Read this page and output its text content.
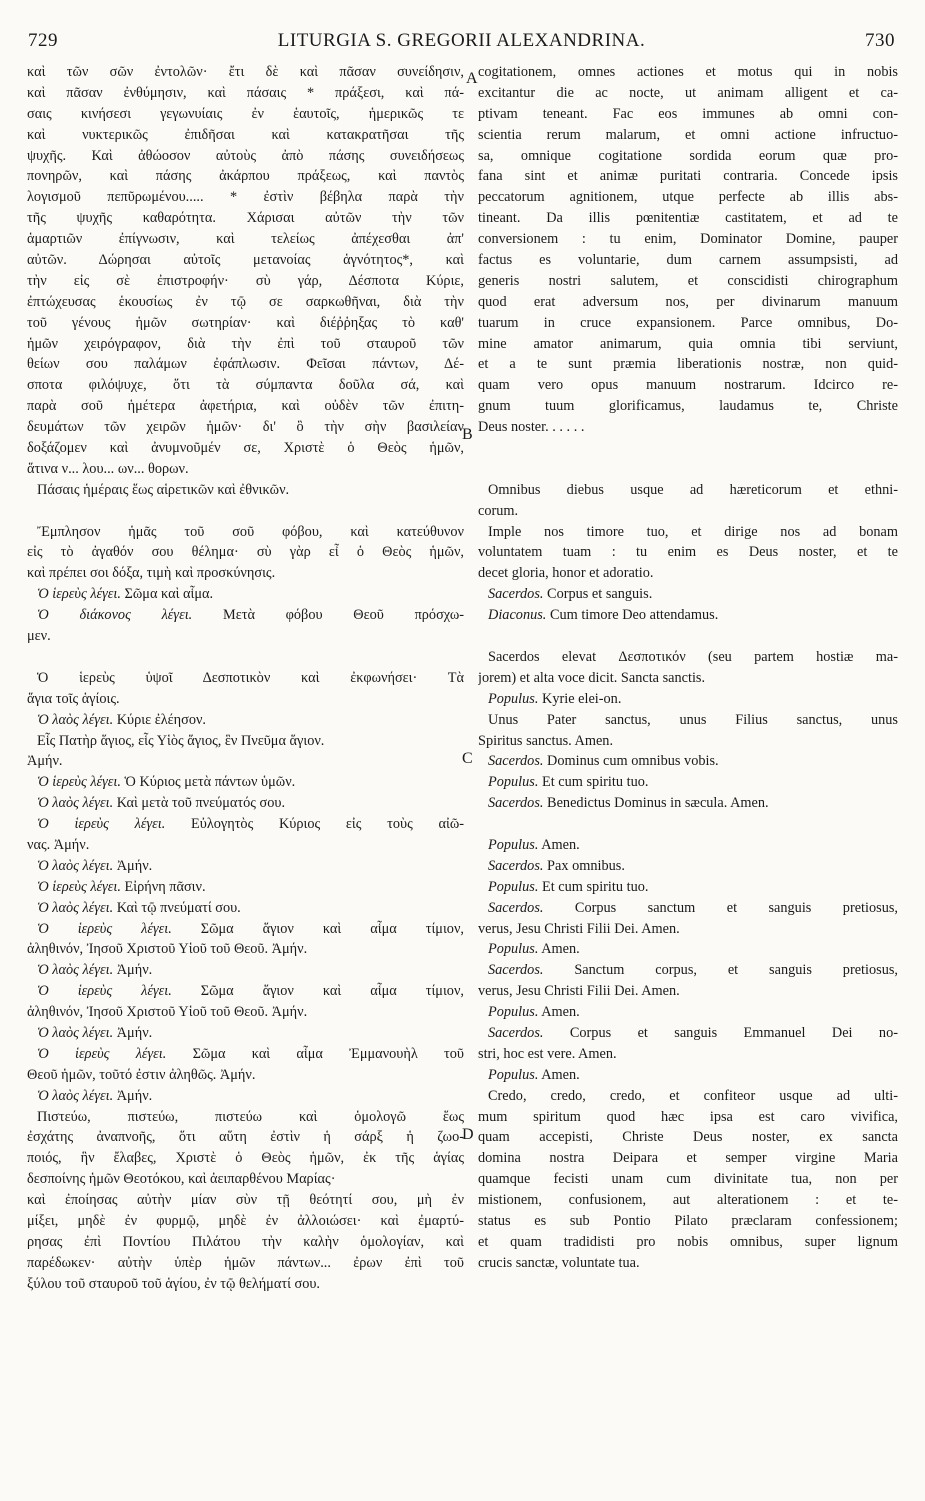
729	LITURGIA S. GREGORII ALEXANDRINA.	730
A
B
C
D
καὶ τῶν σῶν ἐντολῶν· ἔτι δὲ καὶ πᾶσαν συνείδησιν,
καὶ πᾶσαν ἐνθύμησιν, καὶ πάσαις * πράξεσι, καὶ πά-
σαις κινήσεσι γεγωνυίαις ἐν ἑαυτοῖς, ἡμερικῶς τε
καὶ νυκτερικῶς ἐπιδῆσαι καὶ κατακρατῆσαι τῆς
ψυχῆς. Καὶ ἀθώοσον αὐτοὺς ἀπὸ πάσης συνειδήσεως
πονηρῶν, καὶ πάσης ἀκάρπου πράξεως, καὶ παντὸς
λογισμοῦ πεπῦρωμένου..... * ἐστὶν βέβηλα παρὰ τὴν
τῆς ψυχῆς καθαρότητα. Χάρισαι αὐτῶν τὴν τῶν
ἁμαρτιῶν ἐπίγνωσιν, καὶ τελείως ἀπέχεσθαι ἀπ'
αὐτῶν. Δώρησαι αὐτοῖς μετανοίας ἁγνότητος*, καὶ
τὴν εἰς σὲ ἐπιστροφήν· σὺ γάρ, Δέσποτα Κύριε,
ἐπτώχευσας ἑκουσίως ἐν τῷ σε σαρκωθῆναι, διὰ τὴν
τοῦ γένους ἡμῶν σωτηρίαν· καὶ διέῤῥηξας τὸ καθ'
ἡμῶν χειρόγραφον, διὰ τὴν ἐπὶ τοῦ σταυροῦ τῶν
θείων σου παλάμων ἐφάπλωσιν. Φεῖσαι πάντων, Δέ-
σποτα φιλόψυχε, ὅτι τὰ σύμπαντα δοῦλα σά, καὶ
παρὰ σοῦ ἡμέτερα ἀφετήρια, καὶ οὐδὲν τῶν ἐπιτη-
δευμάτων τῶν χειρῶν ἡμῶν· δι' ὃ τὴν σὴν βασιλείαν
δοξάζομεν καὶ ἀνυμνοῦμέν σε, Χριστὲ ὁ Θεὸς ἡμῶν,
ἅτινα ν... λου... ων... θορων.
Πάσαις ἡμέραις ἕως αἱρετικῶν καὶ ἐθνικῶν.
Ἔμπλησον ἡμᾶς τοῦ σοῦ φόβου, καὶ κατεύθυνον
εἰς τὸ ἀγαθόν σου θέλημα· σὺ γὰρ εἶ ὁ Θεὸς ἡμῶν,
καὶ πρέπει σοι δόξα, τιμὴ καὶ προσκύνησις.
Ὁ ἱερεὺς λέγει. Σῶμα καὶ αἷμα.
Ὁ διάκονος λέγει. Μετὰ φόβου Θεοῦ πρόσχω-
μεν.
Ὁ ἱερεὺς ὑψοῖ Δεσποτικὸν καὶ ἐκφωνήσει· Τὰ
ἅγια τοῖς ἁγίοις.
Ὁ λαὸς λέγει. Κύριε ἐλέησον.
Εἷς Πατὴρ ἅγιος, εἷς Υἱὸς ἅγιος, ἓν Πνεῦμα ἅγιον.
Ἀμήν.
Ὁ ἱερεὺς λέγει. Ὁ Κύριος μετὰ πάντων ὑμῶν.
Ὁ λαὸς λέγει. Καὶ μετὰ τοῦ πνεύματός σου.
Ὁ ἱερεὺς λέγει. Εὐλογητὸς Κύριος εἰς τοὺς αἰῶ-
νας. Ἀμήν.
Ὁ λαὸς λέγει. Ἀμήν.
Ὁ ἱερεὺς λέγει. Εἰρήνη πᾶσιν.
Ὁ λαὸς λέγει. Καὶ τῷ πνεύματί σου.
Ὁ ἱερεὺς λέγει. Σῶμα ἅγιον καὶ αἷμα τίμιον,
ἀληθινόν, Ἰησοῦ Χριστοῦ Υἱοῦ τοῦ Θεοῦ. Ἀμήν.
Ὁ λαὸς λέγει. Ἀμήν.
Ὁ ἱερεὺς λέγει. Σῶμα ἅγιον καὶ αἷμα τίμιον,
ἀληθινόν, Ἰησοῦ Χριστοῦ Υἱοῦ τοῦ Θεοῦ. Ἀμήν.
Ὁ λαὸς λέγει. Ἀμήν.
Ὁ ἱερεὺς λέγει. Σῶμα καὶ αἷμα Ἐμμανουὴλ τοῦ
Θεοῦ ἡμῶν, τοῦτό ἐστιν ἀληθῶς. Ἀμήν.
Ὁ λαὸς λέγει. Ἀμήν.
Πιστεύω, πιστεύω, πιστεύω καὶ ὁμολογῶ ἕως
ἐσχάτης ἀναπνοῆς, ὅτι αὕτη ἐστὶν ἡ σάρξ ἡ ζωο-
ποιός, ἣν ἔλαβες, Χριστὲ ὁ Θεὸς ἡμῶν, ἐκ τῆς ἁγίας
δεσποίνης ἡμῶν Θεοτόκου, καὶ ἀειπαρθένου Μαρίας·
καὶ ἐποίησας αὐτὴν μίαν σὺν τῇ θεότητί σου, μὴ ἐν
μίξει, μηδὲ ἐν φυρμῷ, μηδὲ ἐν ἀλλοιώσει· καὶ ἐμαρτύ-
ρησας ἐπὶ Ποντίου Πιλάτου τὴν καλὴν ὁμολογίαν, καὶ
παρέδωκεν· αὐτὴν ὑπὲρ ἡμῶν πάντων... ἐρων ἐπὶ τοῦ
ξύλου τοῦ σταυροῦ τοῦ ἁγίου, ἐν τῷ θελήματί σου.
cogitationem, omnes actiones et motus qui in nobis
excitantur die ac nocte, ut animam alligent et ca-
ptivam teneant. Fac eos immunes ab omni con-
scientia rerum malarum, et omni actione infructuo-
sa, omnique cogitatione sordida eorum quæ pro-
fana sint et animæ puritati contraria. Concede ipsis
peccatorum agnitionem, utque perfecte ab illis abs-
tineant. Da illis pœnitentiæ castitatem, et ad te
conversionem : tu enim, Dominator Domine, pauper
factus es voluntarie, dum carnem assumpsisti, ad
generis nostri salutem, et conscidisti chirographum
quod erat adversum nos, per divinarum manuum
tuarum in cruce expansionem. Parce omnibus, Do-
mine amator animarum, quia omnia tibi serviunt,
et a te sunt præmia liberationis nostræ, non quid-
quam vero opus manuum nostrarum. Idcirco re-
gnum tuum glorificamus, laudamus te, Christe
Deus noster. . . . . .
Omnibus diebus usque ad hæreticorum et ethni-
corum.
Imple nos timore tuo, et dirige nos ad bonam
voluntatem tuam : tu enim es Deus noster, et te
decet gloria, honor et adoratio.
Sacerdos. Corpus et sanguis.
Diaconus. Cum timore Deo attendamus.
Sacerdos elevat Δεσποτικόν (seu partem hostiæ ma-
jorem) et alta voce dicit. Sancta sanctis.
Populus. Kyrie elei-on.
Unus Pater sanctus, unus Filius sanctus, unus
Spiritus sanctus. Amen.
Sacerdos. Dominus cum omnibus vobis.
Populus. Et cum spiritu tuo.
Sacerdos. Benedictus Dominus in sæcula. Amen.
Populus. Amen.
Sacerdos. Pax omnibus.
Populus. Et cum spiritu tuo.
Sacerdos. Corpus sanctum et sanguis pretiosus,
verus, Jesu Christi Filii Dei. Amen.
Populus. Amen.
Sacerdos. Sanctum corpus, et sanguis pretiosus,
verus, Jesu Christi Filii Dei. Amen.
Populus. Amen.
Sacerdos. Corpus et sanguis Emmanuel Dei no-
stri, hoc est vere. Amen.
Populus. Amen.
Credo, credo, credo, et confiteor usque ad ulti-
mum spiritum quod hæc ipsa est caro vivifica,
quam accepisti, Christe Deus noster, ex sancta
domina nostra Deipara et semper virgine Maria
quamque fecisti unam cum divinitate tua, non per
mistionem, confusionem, aut alterationem : et te-
status es sub Pontio Pilato præclaram confessionem;
et quam tradidisti pro nobis omnibus, super lignum
crucis sanctæ, voluntate tua.
